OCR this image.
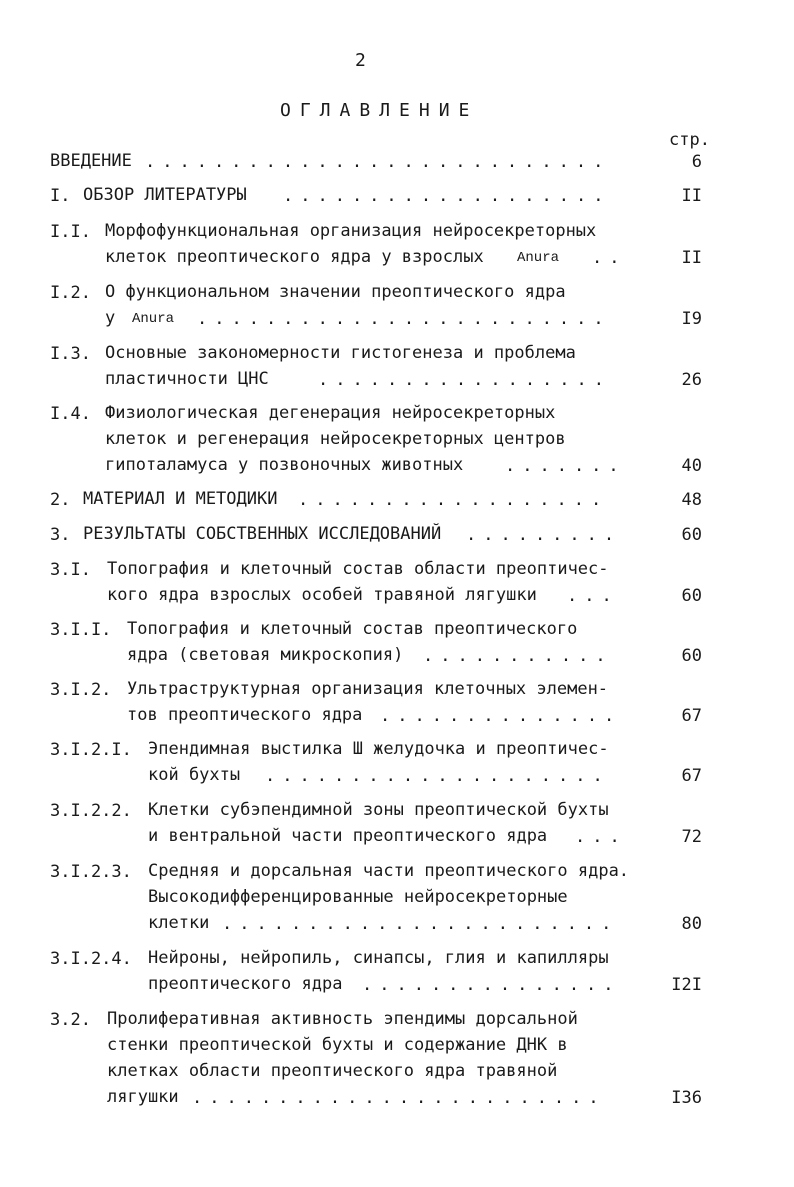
2
ОГЛАВЛЕНИЕ
стр.
ВВЕДЕНИЕ ...........................	6
I. ОБЗОР ЛИТЕРАТУРЫ ...................	II
I.I. Морфофункциональная организация нейросекреторных
клеток преоптического ядра у взрослых Anura ..	II
I.2. О функциональном значении преоптического ядра
у Anura ........................	I9
I.3. Основные закономерности гистогенеза и проблема
пластичности ЦНС	.................	26
I.4. Физиологическая дегенерация нейросекреторных
клеток и регенерация нейросекреторных центров
гипоталамуса у позвоночных животных .......	40
2. МАТЕРИАЛ И МЕТОДИКИ ..................	48
3. РЕЗУЛЬТАТЫ СОБСТВЕННЫХ ИССЛЕДОВАНИЙ .........	60
3.I. Топография и клеточный состав области преоптичес-
кого ядра взрослых особей травяной лягушки ...	60
3.I.I. Топография и клеточный состав преоптического
ядра (световая микроскопия) ...........	60
3.I.2. Ультраструктурная организация клеточных элемен-
тов преоптического ядра ..............	67
3.I.2.I. Эпендимная выстилка Ш желудочка и преоптичес-
кой бухты ....................	67
3.I.2.2. Клетки субэпендимной зоны преоптической бухты
и вентральной части преоптического ядра ...	72
3.I.2.3. Средняя и дорсальная части преоптического ядра.
Высокодифференцированные нейросекреторные
клетки .......................	80
3.I.2.4. Нейроны, нейропиль, синапсы, глия и капилляры
преоптического ядра ...............	I2I
3.2. Пролиферативная активность эпендимы дорсальной
стенки преоптической бухты и содержание ДНК в
клетках области преоптического ядра травяной
лягушки ........................	I36
